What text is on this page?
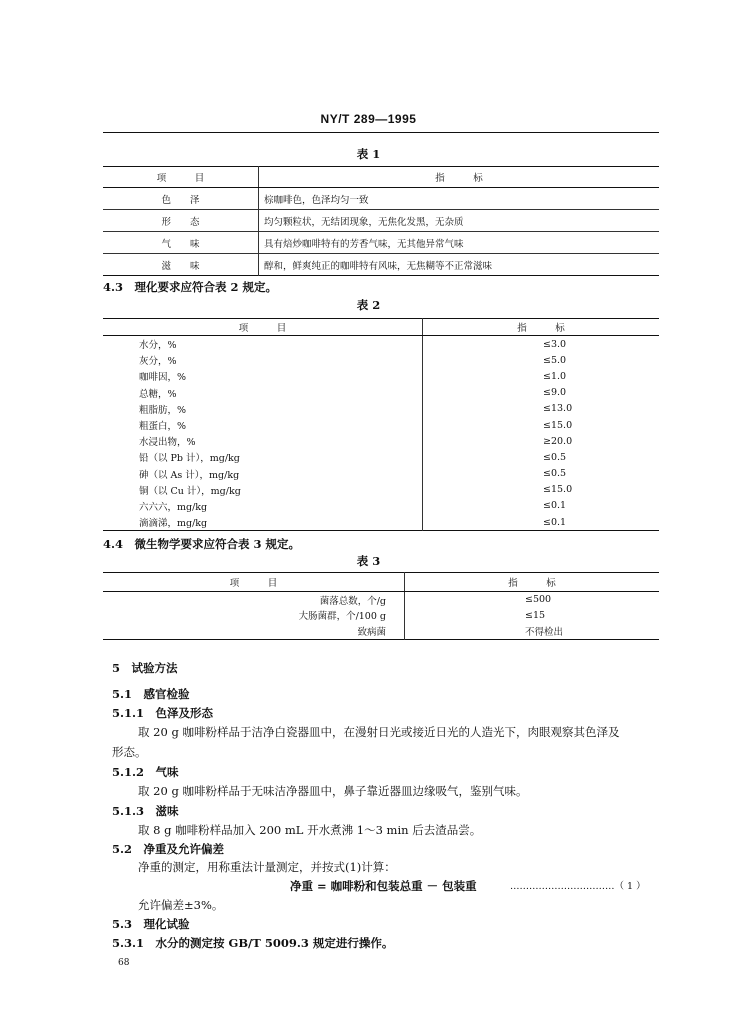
NY/T 289—1995
表 1
项　　　目	指　　　标
色　　泽	棕咖啡色，色泽均匀一致
形　　态	均匀颗粒状，无结团现象，无焦化发黑，无杂质
气　　味	具有焙炒咖啡特有的芳香气味，无其他异常气味
滋　　味	醇和，鲜爽纯正的咖啡特有风味，无焦糊等不正常滋味
4.3　理化要求应符合表 2 规定。
表 2
项　　　目	指　　　标
水分，%	≤3.0
灰分，%	≤5.0
咖啡因，%	≤1.0
总糖，%	≤9.0
粗脂肪，%	≤13.0
粗蛋白，%	≤15.0
水浸出物，%	≥20.0
铅（以 Pb 计），mg/kg	≤0.5
砷（以 As 计），mg/kg	≤0.5
铜（以 Cu 计），mg/kg	≤15.0
六六六，mg/kg	≤0.1
滴滴涕，mg/kg	≤0.1
4.4　微生物学要求应符合表 3 规定。
表 3
项　　　目	指　　　标
菌落总数，个/g	≤500
大肠菌群，个/100 g	≤15
致病菌	不得检出
5　试验方法
5.1　感官检验
5.1.1　色泽及形态
取 20 g 咖啡粉样品于洁净白瓷器皿中，在漫射日光或接近日光的人造光下，肉眼观察其色泽及
形态。
5.1.2　气味
取 20 g 咖啡粉样品于无味洁净器皿中，鼻子靠近器皿边缘吸气，鉴别气味。
5.1.3　滋味
取 8 g 咖啡粉样品加入 200 mL 开水煮沸 1～3 min 后去渣品尝。
5.2　净重及允许偏差
净重的测定，用称重法计量测定，并按式(1)计算：
净重 = 咖啡粉和包装总重 － 包装重	……………………………（ 1 ）
允许偏差±3%。
5.3　理化试验
5.3.1　水分的测定按 GB/T 5009.3 规定进行操作。
68
